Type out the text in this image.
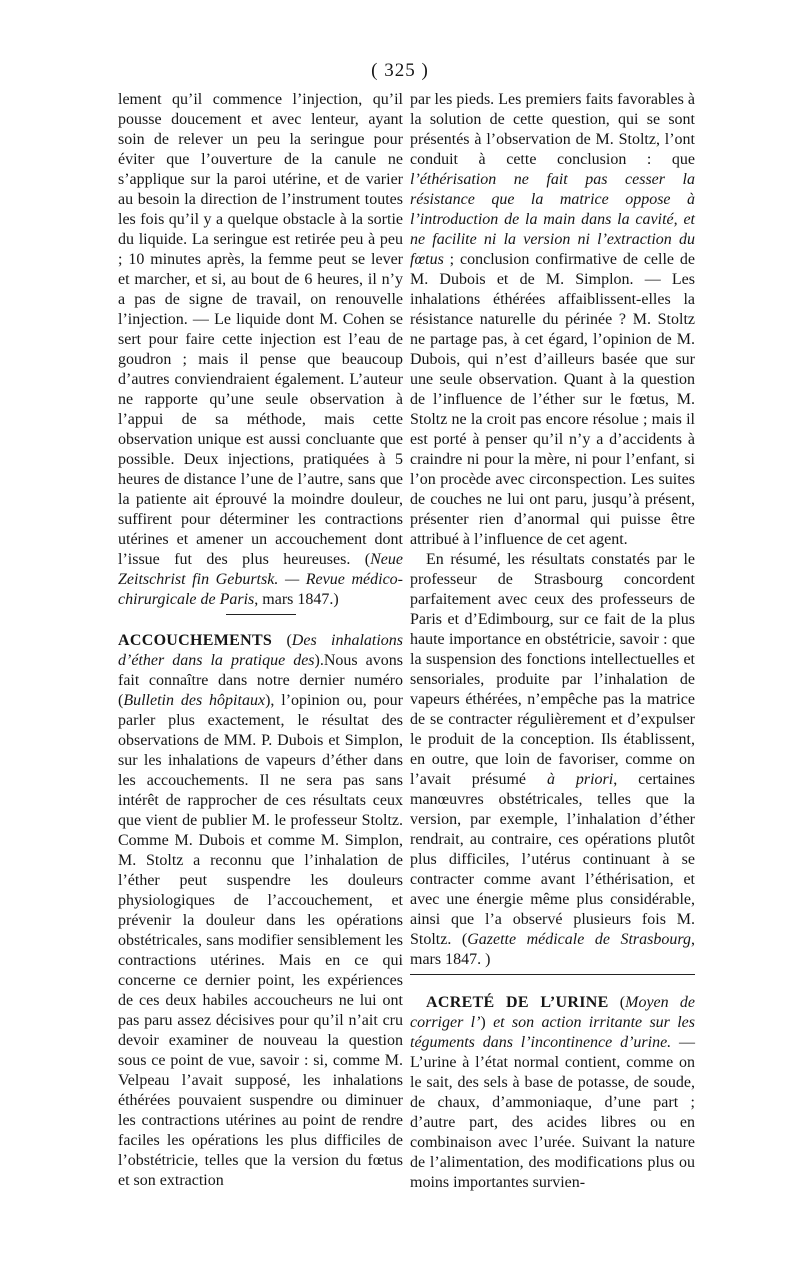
( 325 )

lement qu’il commence l’injection, qu’il pousse doucement et avec lenteur, ayant soin de relever un peu la seringue pour éviter que l’ouverture de la canule ne s’applique sur la paroi utérine, et de varier au besoin la direction de l’instrument toutes les fois qu’il y a quelque obstacle à la sortie du liquide. La seringue est retirée peu à peu ; 10 minutes après, la femme peut se lever et marcher, et si, au bout de 6 heures, il n’y a pas de signe de travail, on renouvelle l’injection. — Le liquide dont M. Cohen se sert pour faire cette injection est l’eau de goudron ; mais il pense que beaucoup d’autres conviendraient également. L’auteur ne rapporte qu’une seule observation à l’appui de sa méthode, mais cette observation unique est aussi concluante que possible. Deux injections, pratiquées à 5 heures de distance l’une de l’autre, sans que la patiente ait éprouvé la moindre douleur, suffirent pour déterminer les contractions utérines et amener un accouchement dont l’issue fut des plus heureuses. (Neue Zeitschrist fin Geburtsk. — Revue médico-chirurgicale de Paris, mars 1847.)

ACCOUCHEMENTS (Des inhalations d’éther dans la pratique des).Nous avons fait connaître dans notre dernier numéro (Bulletin des hôpitaux), l’opinion ou, pour parler plus exactement, le résultat des observations de MM. P. Dubois et Simplon, sur les inhalations de vapeurs d’éther dans les accouchements. Il ne sera pas sans intérêt de rapprocher de ces résultats ceux que vient de publier M. le professeur Stoltz. Comme M. Dubois et comme M. Simplon, M. Stoltz a reconnu que l’inhalation de l’éther peut suspendre les douleurs physiologiques de l’accouchement, et prévenir la douleur dans les opérations obstétricales, sans modifier sensiblement les contractions utérines. Mais en ce qui concerne ce dernier point, les expériences de ces deux habiles accoucheurs ne lui ont pas paru assez décisives pour qu’il n’ait cru devoir examiner de nouveau la question sous ce point de vue, savoir : si, comme M. Velpeau l’avait supposé, les inhalations éthérées pouvaient suspendre ou diminuer les contractions utérines au point de rendre faciles les opérations les plus difficiles de l’obstétricie, telles que la version du fœtus et son extraction

par les pieds. Les premiers faits favorables à la solution de cette question, qui se sont présentés à l’observation de M. Stoltz, l’ont conduit à cette conclusion : que l’éthérisation ne fait pas cesser la résistance que la matrice oppose à l’introduction de la main dans la cavité, et ne facilite ni la version ni l’extraction du fœtus ; conclusion confirmative de celle de M. Dubois et de M. Simplon. — Les inhalations éthérées affaiblissent-elles la résistance naturelle du périnée ? M. Stoltz ne partage pas, à cet égard, l’opinion de M. Dubois, qui n’est d’ailleurs basée que sur une seule observation. Quant à la question de l’influence de l’éther sur le fœtus, M. Stoltz ne la croit pas encore résolue ; mais il est porté à penser qu’il n’y a d’accidents à craindre ni pour la mère, ni pour l’enfant, si l’on procède avec circonspection. Les suites de couches ne lui ont paru, jusqu’à présent, présenter rien d’anormal qui puisse être attribué à l’influence de cet agent.

En résumé, les résultats constatés par le professeur de Strasbourg concordent parfaitement avec ceux des professeurs de Paris et d’Edimbourg, sur ce fait de la plus haute importance en obstétricie, savoir : que la suspension des fonctions intellectuelles et sensoriales, produite par l’inhalation de vapeurs éthérées, n’empêche pas la matrice de se contracter régulièrement et d’expulser le produit de la conception. Ils établissent, en outre, que loin de favoriser, comme on l’avait présumé à priori, certaines manœuvres obstétricales, telles que la version, par exemple, l’inhalation d’éther rendrait, au contraire, ces opérations plutôt plus difficiles, l’utérus continuant à se contracter comme avant l’éthérisation, et avec une énergie même plus considérable, ainsi que l’a observé plusieurs fois M. Stoltz. (Gazette médicale de Strasbourg, mars 1847. )

ACRETÉ DE L’URINE (Moyen de corriger l’) et son action irritante sur les téguments dans l’incontinence d’urine. — L’urine à l’état normal contient, comme on le sait, des sels à base de potasse, de soude, de chaux, d’ammoniaque, d’une part ; d’autre part, des acides libres ou en combinaison avec l’urée. Suivant la nature de l’alimentation, des modifications plus ou moins importantes survien-
